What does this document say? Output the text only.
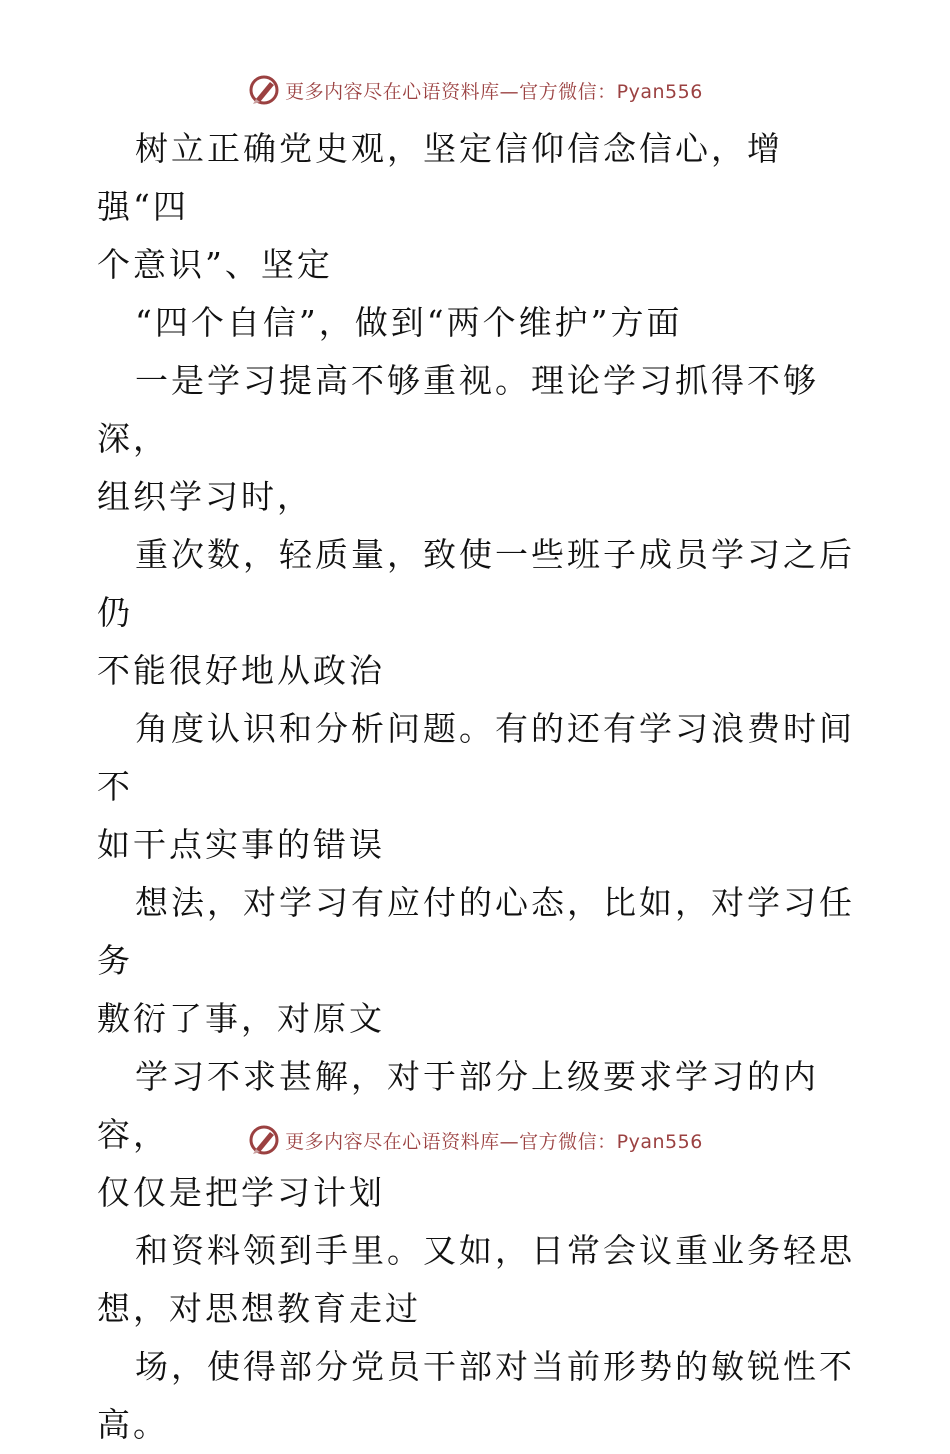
更多内容尽在心语资料库—官方微信：Pyan556

树立正确党史观，坚定信仰信念信心，增强“四

个意识”、坚定

“四个自信”，做到“两个维护”方面

一是学习提高不够重视。理论学习抓得不够深，

组织学习时，

重次数，轻质量，致使一些班子成员学习之后仍

不能很好地从政治

角度认识和分析问题。有的还有学习浪费时间不

如干点实事的错误

想法，对学习有应付的心态，比如，对学习任务

敷衍了事，对原文

学习不求甚解，对于部分上级要求学习的内容，

仅仅是把学习计划

和资料领到手里。又如，日常会议重业务轻思

想，对思想教育走过

场，使得部分党员干部对当前形势的敏锐性不

高。

更多内容尽在心语资料库—官方微信：Pyan556
